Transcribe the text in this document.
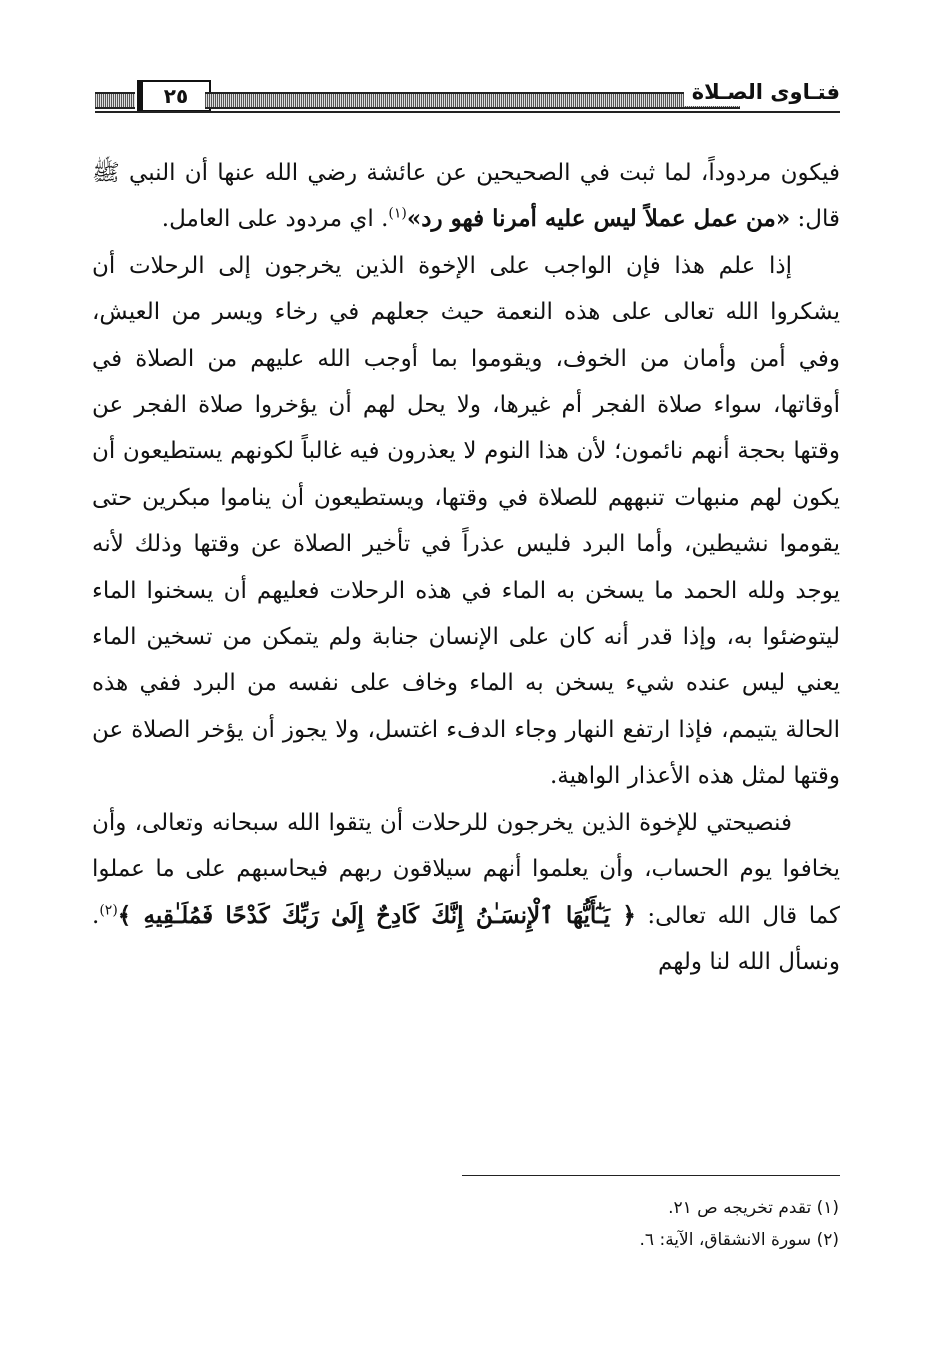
٢٥	فتـاوى الصـلاة

فيكون مردوداً، لما ثبت في الصحيحين عن عائشة رضي الله عنها أن النبي ﷺ قال: «من عمل عملاً ليس عليه أمرنا فهو رد»$^{(١)}$. اي مردود على العامل.

إذا علم هذا فإن الواجب على الإخوة الذين يخرجون إلى الرحلات أن يشكروا الله تعالى على هذه النعمة حيث جعلهم في رخاء ويسر من العيش، وفي أمن وأمان من الخوف، ويقوموا بما أوجب الله عليهم من الصلاة في أوقاتها، سواء صلاة الفجر أم غيرها، ولا يحل لهم أن يؤخروا صلاة الفجر عن وقتها بحجة أنهم نائمون؛ لأن هذا النوم لا يعذرون فيه غالباً لكونهم يستطيعون أن يكون لهم منبهات تنبههم للصلاة في وقتها، ويستطيعون أن يناموا مبكرين حتى يقوموا نشيطين، وأما البرد فليس عذراً في تأخير الصلاة عن وقتها وذلك لأنه يوجد ولله الحمد ما يسخن به الماء في هذه الرحلات فعليهم أن يسخنوا الماء ليتوضئوا به، وإذا قدر أنه كان على الإنسان جنابة ولم يتمكن من تسخين الماء يعني ليس عنده شيء يسخن به الماء وخاف على نفسه من البرد ففي هذه الحالة يتيمم، فإذا ارتفع النهار وجاء الدفء اغتسل، ولا يجوز أن يؤخر الصلاة عن وقتها لمثل هذه الأعذار الواهية.

فنصيحتي للإخوة الذين يخرجون للرحلات أن يتقوا الله سبحانه وتعالى، وأن يخافوا يوم الحساب، وأن يعلموا أنهم سيلاقون ربهم فيحاسبهم على ما عملوا كما قال الله تعالى: ﴿ يَـٰٓأَيُّهَا ٱلْإِنسَـٰنُ إِنَّكَ كَادِحٌ إِلَىٰ رَبِّكَ كَدْحًا فَمُلَـٰقِيهِ ﴾$^{(٢)}$. ونسأل الله لنا ولهم

(١) تقدم تخريجه ص ٢١.
(٢) سورة الانشقاق، الآية: ٦.
